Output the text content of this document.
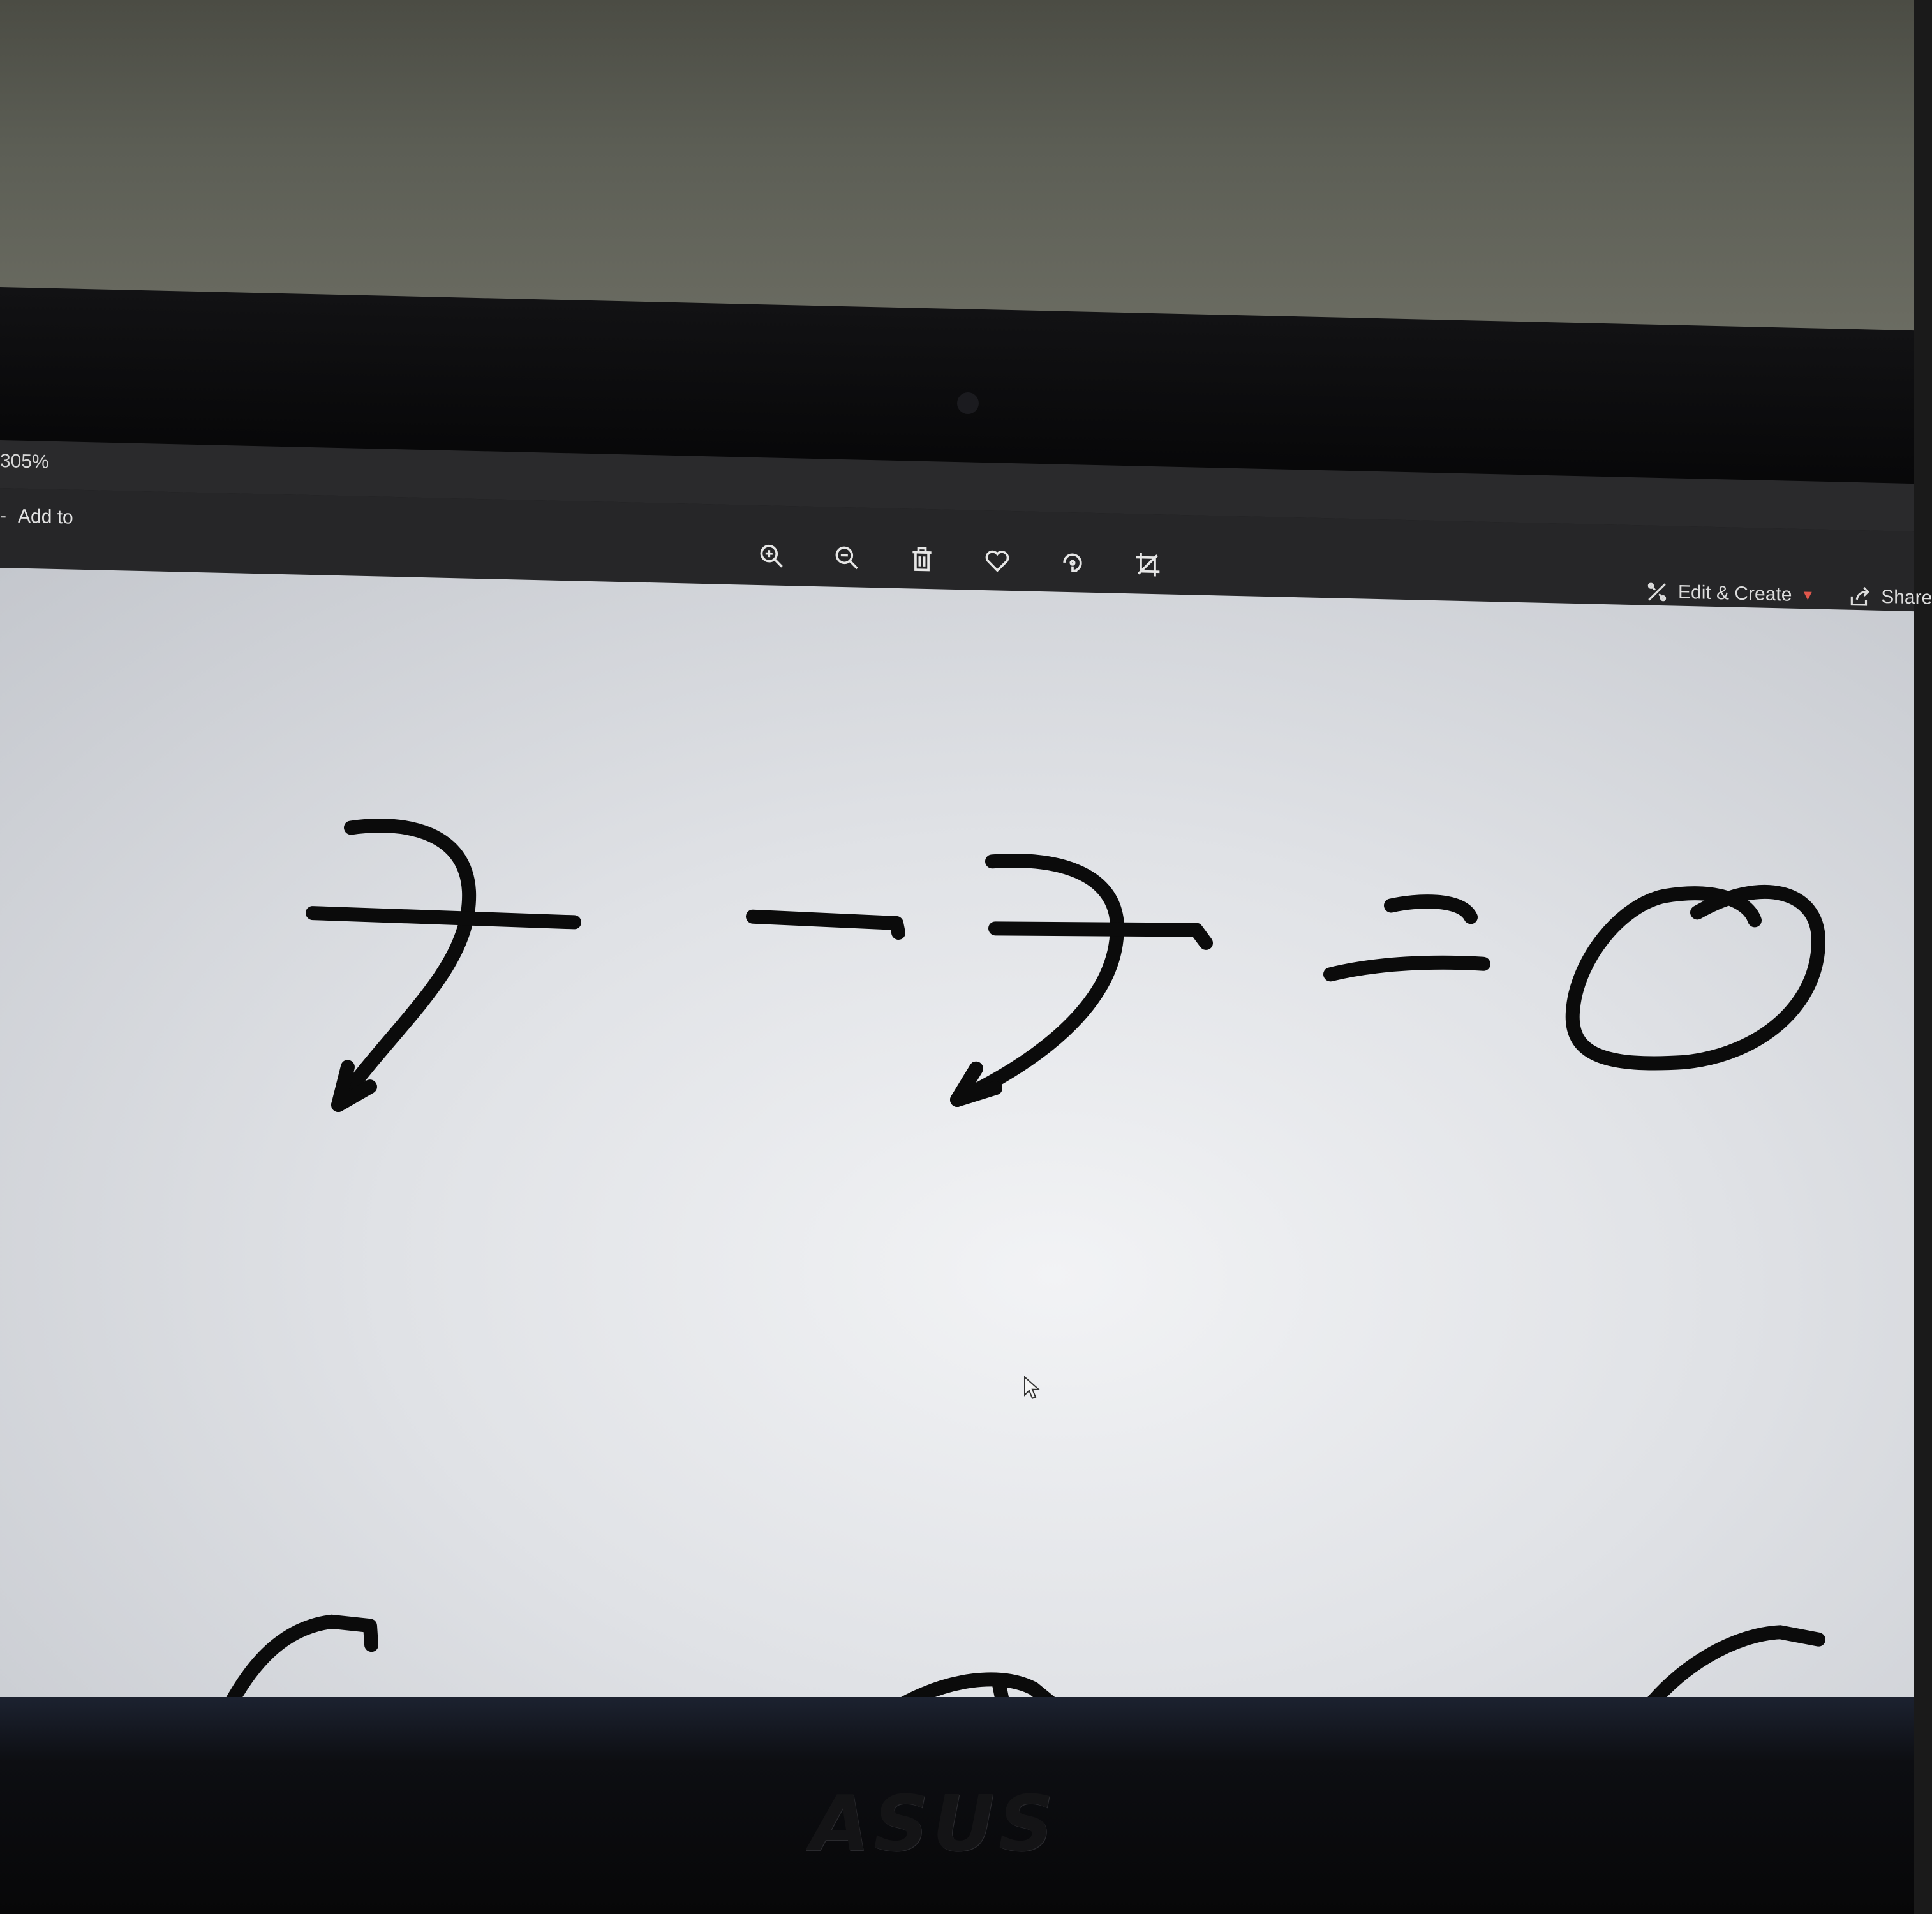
305%
- Add to
Edit & Create ▼	Share
ASUS
